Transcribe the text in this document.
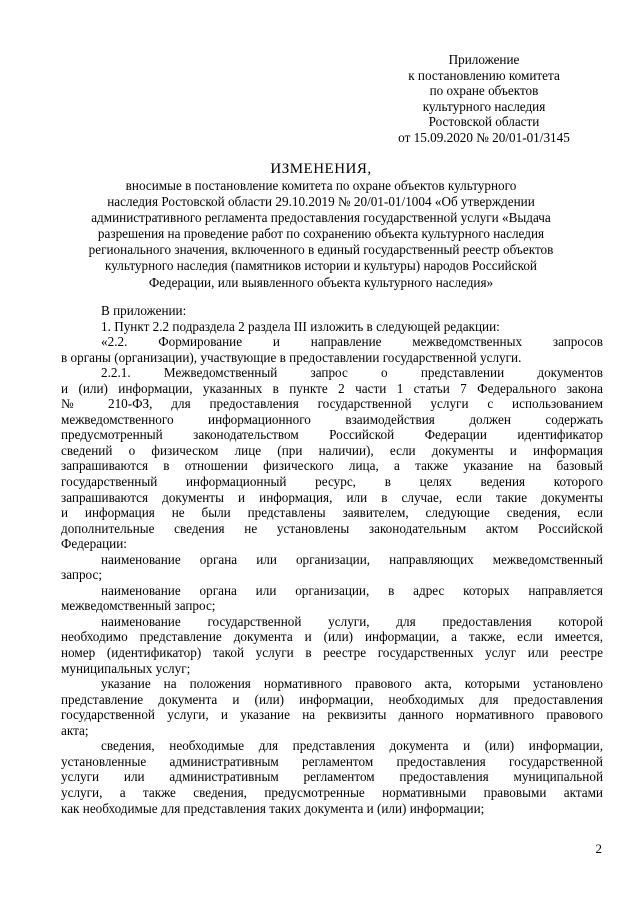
Приложение
к постановлению комитета
по охране объектов
культурного наследия
Ростовской области
от 15.09.2020 № 20/01-01/3145
ИЗМЕНЕНИЯ,
вносимые в постановление комитета по охране объектов культурного
наследия Ростовской области 29.10.2019 № 20/01-01/1004 «Об утверждении
административного регламента предоставления государственной услуги «Выдача
разрешения на проведение работ по сохранению объекта культурного наследия
регионального значения, включенного в единый государственный реестр объектов
культурного наследия (памятников истории и культуры) народов Российской
Федерации, или выявленного объекта культурного наследия»
В приложении:
1. Пункт 2.2 подраздела 2 раздела III изложить в следующей редакции:
«2.2. Формирование и направление межведомственных запросов
в органы (организации), участвующие в предоставлении государственной услуги.
2.2.1. Межведомственный запрос о представлении документов
и (или) информации, указанных в пункте 2 части 1 статьи 7 Федерального закона
№ 210-ФЗ, для предоставления государственной услуги с использованием
межведомственного информационного взаимодействия должен содержать
предусмотренный законодательством Российской Федерации идентификатор
сведений о физическом лице (при наличии), если документы и информация
запрашиваются в отношении физического лица, а также указание на базовый
государственный информационный ресурс, в целях ведения которого
запрашиваются документы и информация, или в случае, если такие документы
и информация не были представлены заявителем, следующие сведения, если
дополнительные сведения не установлены законодательным актом Российской
Федерации:
наименование органа или организации, направляющих межведомственный
запрос;
наименование органа или организации, в адрес которых направляется
межведомственный запрос;
наименование государственной услуги, для предоставления которой
необходимо представление документа и (или) информации, а также, если имеется,
номер (идентификатор) такой услуги в реестре государственных услуг или реестре
муниципальных услуг;
указание на положения нормативного правового акта, которыми установлено
представление документа и (или) информации, необходимых для предоставления
государственной услуги, и указание на реквизиты данного нормативного правового
акта;
сведения, необходимые для представления документа и (или) информации,
установленные административным регламентом предоставления государственной
услуги или административным регламентом предоставления муниципальной
услуги, а также сведения, предусмотренные нормативными правовыми актами
как необходимые для представления таких документа и (или) информации;
2
